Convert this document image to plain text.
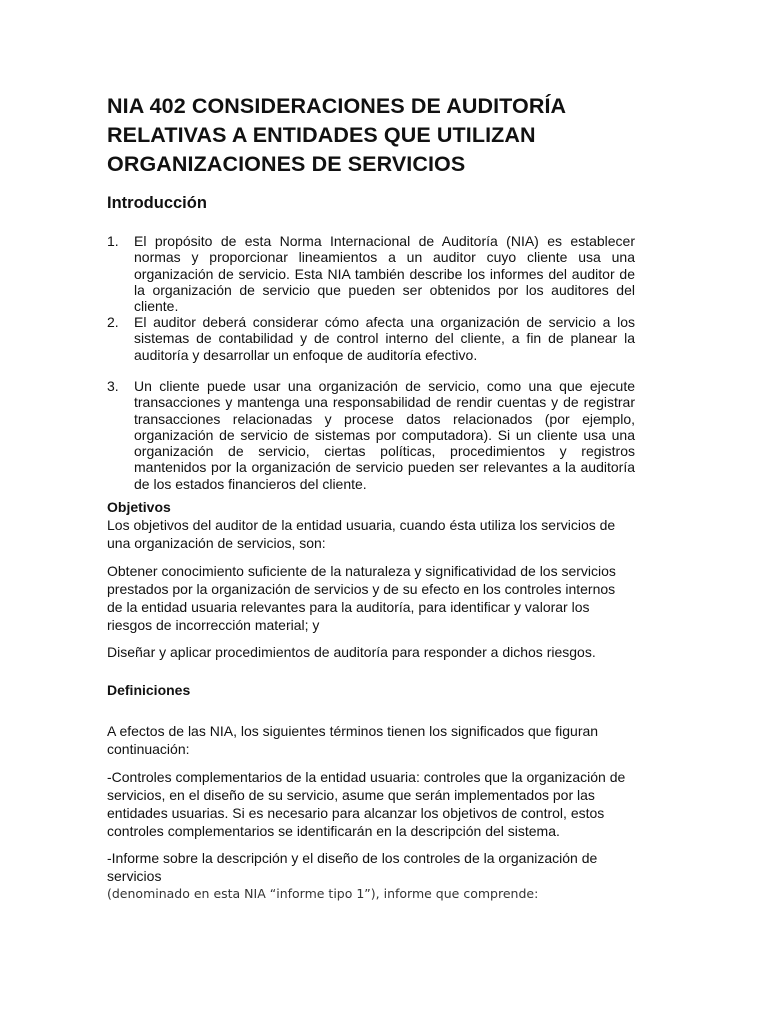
NIA 402 CONSIDERACIONES DE AUDITORÍA RELATIVAS A ENTIDADES QUE UTILIZAN ORGANIZACIONES DE SERVICIOS
Introducción
1. El propósito de esta Norma Internacional de Auditoría (NIA) es establecer normas y proporcionar lineamientos a un auditor cuyo cliente usa una organización de servicio. Esta NIA también describe los informes del auditor de la organización de servicio que pueden ser obtenidos por los auditores del cliente.
2. El auditor deberá considerar cómo afecta una organización de servicio a los sistemas de contabilidad y de control interno del cliente, a fin de planear la auditoría y desarrollar un enfoque de auditoría efectivo.
3. Un cliente puede usar una organización de servicio, como una que ejecute transacciones y mantenga una responsabilidad de rendir cuentas y de registrar transacciones relacionadas y procese datos relacionados (por ejemplo, organización de servicio de sistemas por computadora). Si un cliente usa una organización de servicio, ciertas políticas, procedimientos y registros mantenidos por la organización de servicio pueden ser relevantes a la auditoría de los estados financieros del cliente.
Objetivos

Los objetivos del auditor de la entidad usuaria, cuando ésta utiliza los servicios de una organización de servicios, son:

Obtener conocimiento suficiente de la naturaleza y significatividad de los servicios prestados por la organización de servicios y de su efecto en los controles internos de la entidad usuaria relevantes para la auditoría, para identificar y valorar los riesgos de incorrección material; y

Diseñar y aplicar procedimientos de auditoría para responder a dichos riesgos.

Definiciones

A efectos de las NIA, los siguientes términos tienen los significados que figuran continuación:

-Controles complementarios de la entidad usuaria: controles que la organización de servicios, en el diseño de su servicio, asume que serán implementados por las entidades usuarias. Si es necesario para alcanzar los objetivos de control, estos controles complementarios se identificarán en la descripción del sistema.

-Informe sobre la descripción y el diseño de los controles de la organización de servicios
(denominado en esta NIA “informe tipo 1”), informe que comprende:
